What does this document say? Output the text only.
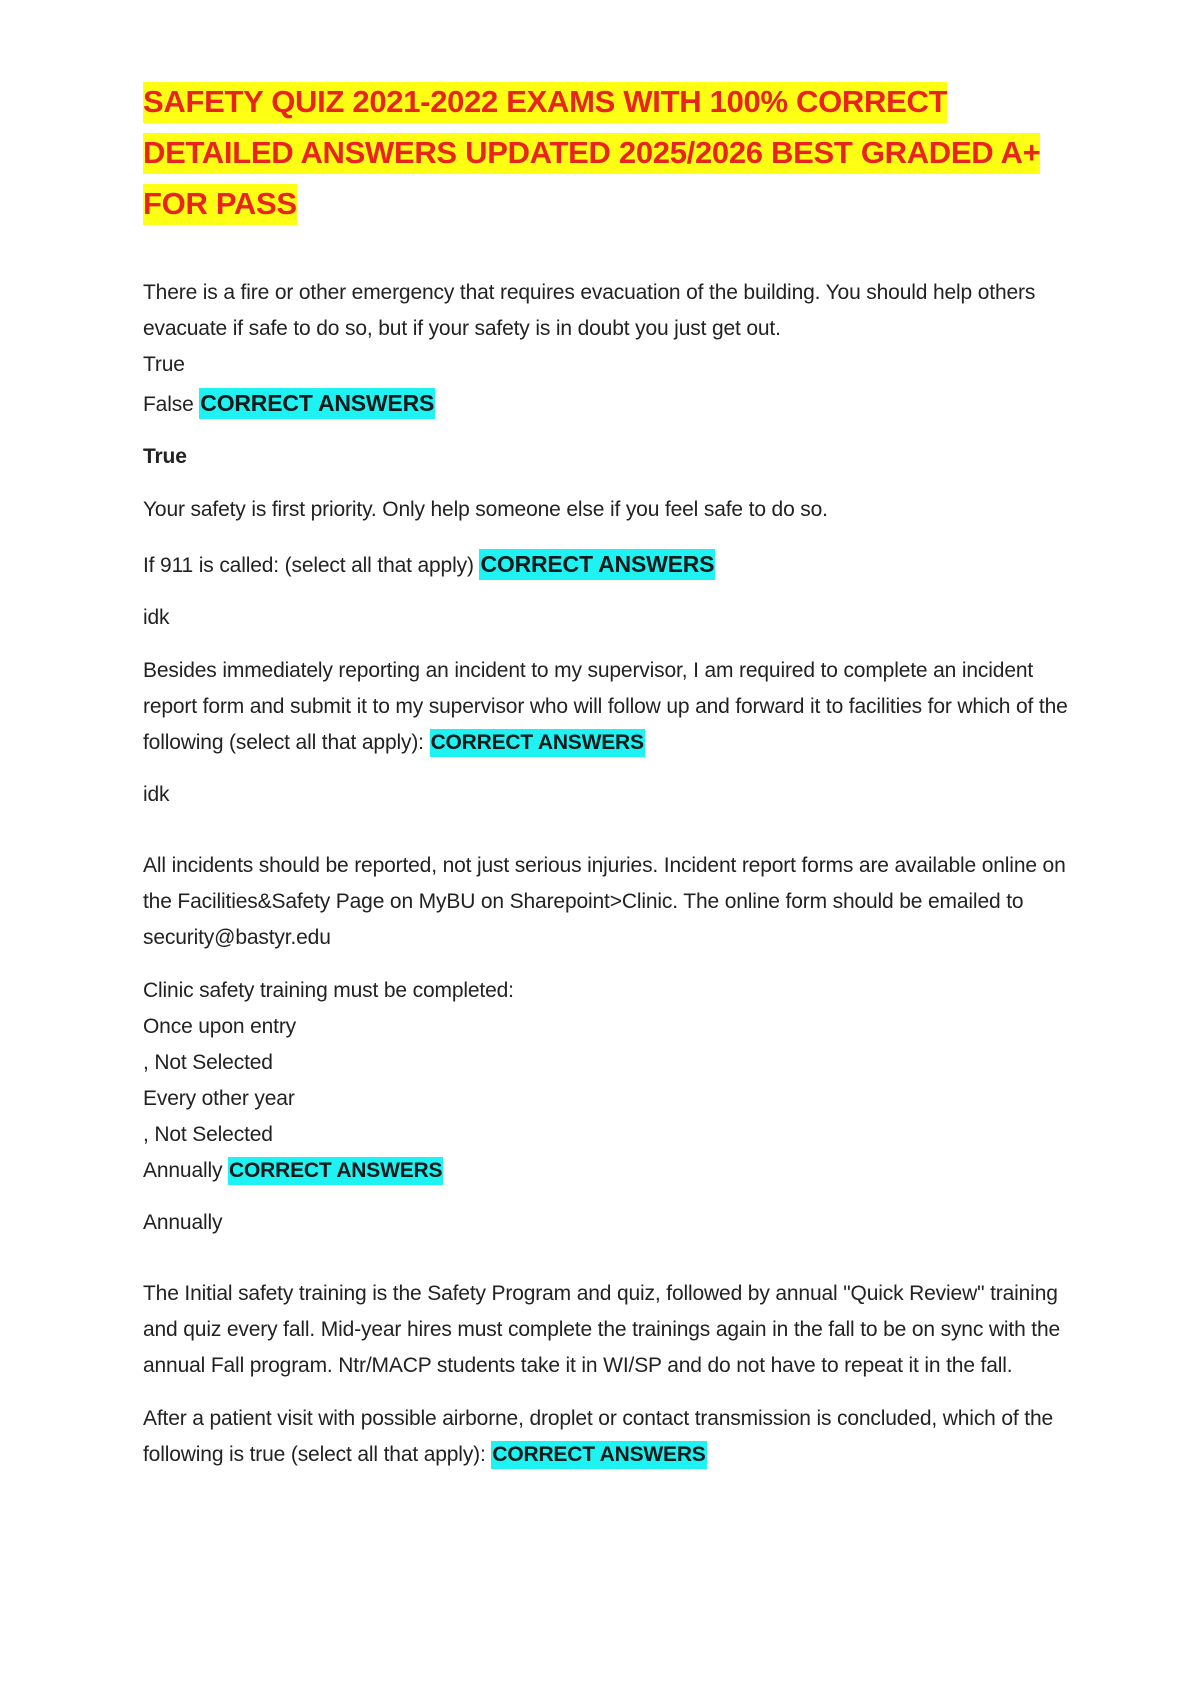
SAFETY QUIZ 2021-2022 EXAMS WITH 100% CORRECT DETAILED ANSWERS UPDATED 2025/2026 BEST GRADED A+ FOR PASS

There is a fire or other emergency that requires evacuation of the building. You should help others evacuate if safe to do so, but if your safety is in doubt you just get out.

True

False CORRECT ANSWERS

True

Your safety is first priority. Only help someone else if you feel safe to do so.

If 911 is called: (select all that apply) CORRECT ANSWERS

idk

Besides immediately reporting an incident to my supervisor, I am required to complete an incident report form and submit it to my supervisor who will follow up and forward it to facilities for which of the following (select all that apply): CORRECT ANSWERS

idk

All incidents should be reported, not just serious injuries. Incident report forms are available online on the Facilities&Safety Page on MyBU on Sharepoint>Clinic. The online form should be emailed to security@bastyr.edu

Clinic safety training must be completed:

Once upon entry

, Not Selected

Every other year

, Not Selected

Annually CORRECT ANSWERS

Annually

The Initial safety training is the Safety Program and quiz, followed by annual "Quick Review" training and quiz every fall. Mid-year hires must complete the trainings again in the fall to be on sync with the annual Fall program. Ntr/MACP students take it in WI/SP and do not have to repeat it in the fall.

After a patient visit with possible airborne, droplet or contact transmission is concluded, which of the following is true (select all that apply): CORRECT ANSWERS
